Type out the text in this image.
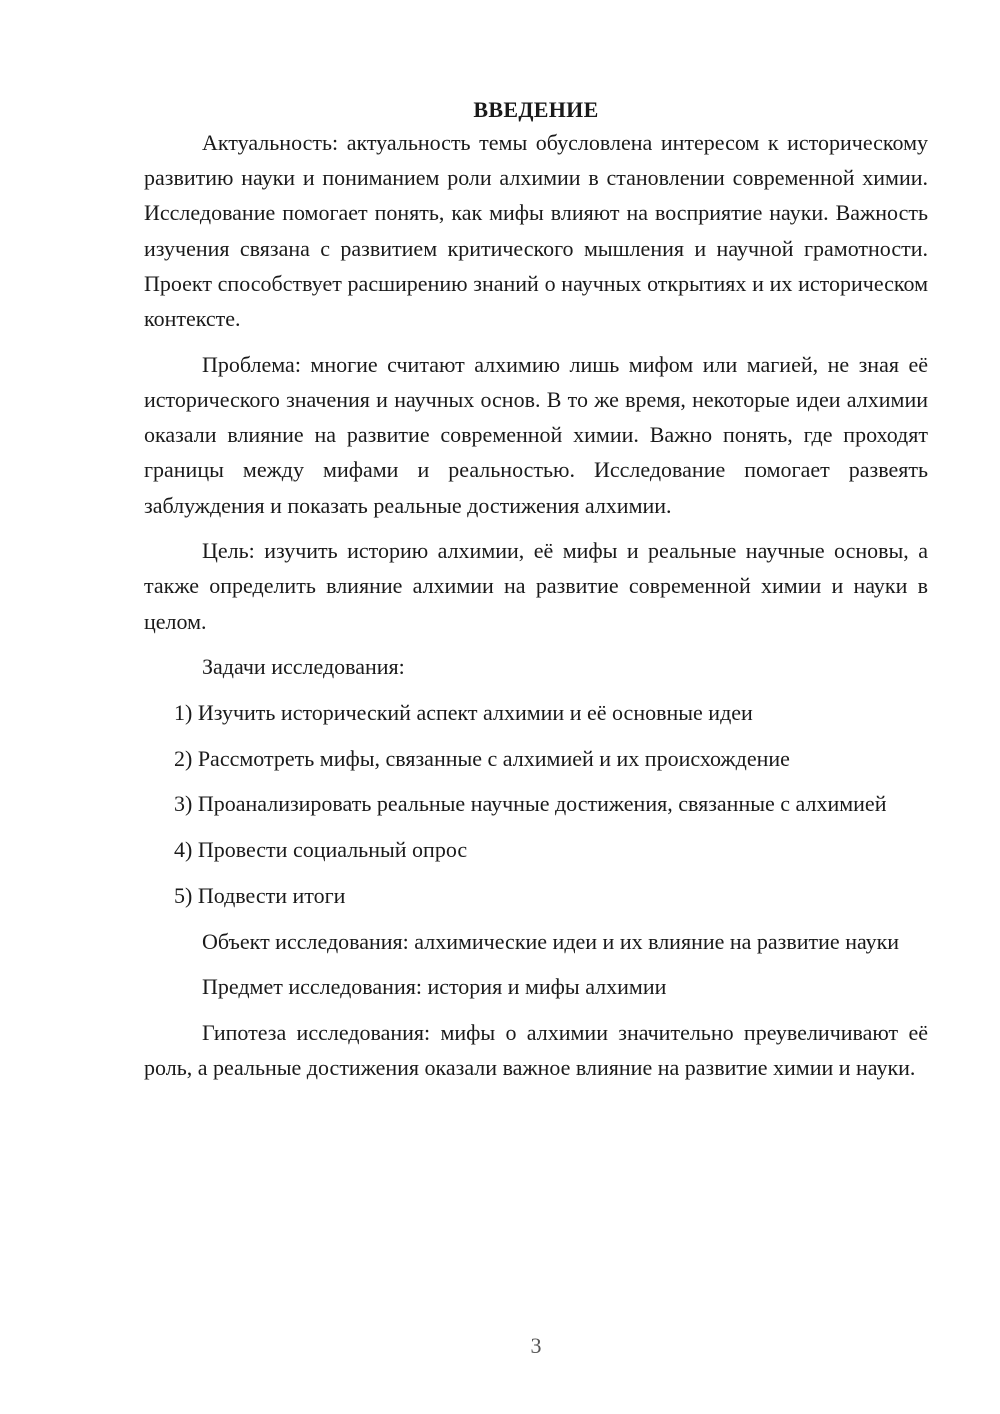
ВВЕДЕНИЕ

Актуальность: актуальность темы обусловлена интересом к историческому развитию науки и пониманием роли алхимии в становлении современной химии. Исследование помогает понять, как мифы влияют на восприятие науки. Важность изучения связана с развитием критического мышления и научной грамотности. Проект способствует расширению знаний о научных открытиях и их историческом контексте.

Проблема: многие считают алхимию лишь мифом или магией, не зная её исторического значения и научных основ. В то же время, некоторые идеи алхимии оказали влияние на развитие современной химии. Важно понять, где проходят границы между мифами и реальностью. Исследование помогает развеять заблуждения и показать реальные достижения алхимии.

Цель: изучить историю алхимии, её мифы и реальные научные основы, а также определить влияние алхимии на развитие современной химии и науки в целом.

Задачи исследования:

1) Изучить исторический аспект алхимии и её основные идеи

2) Рассмотреть мифы, связанные с алхимией и их происхождение

3) Проанализировать реальные научные достижения, связанные с алхимией

4) Провести социальный опрос

5) Подвести итоги

Объект исследования: алхимические идеи и их влияние на развитие науки

Предмет исследования: история и мифы алхимии

Гипотеза исследования: мифы о алхимии значительно преувеличивают её роль, а реальные достижения оказали важное влияние на развитие химии и науки.

3
